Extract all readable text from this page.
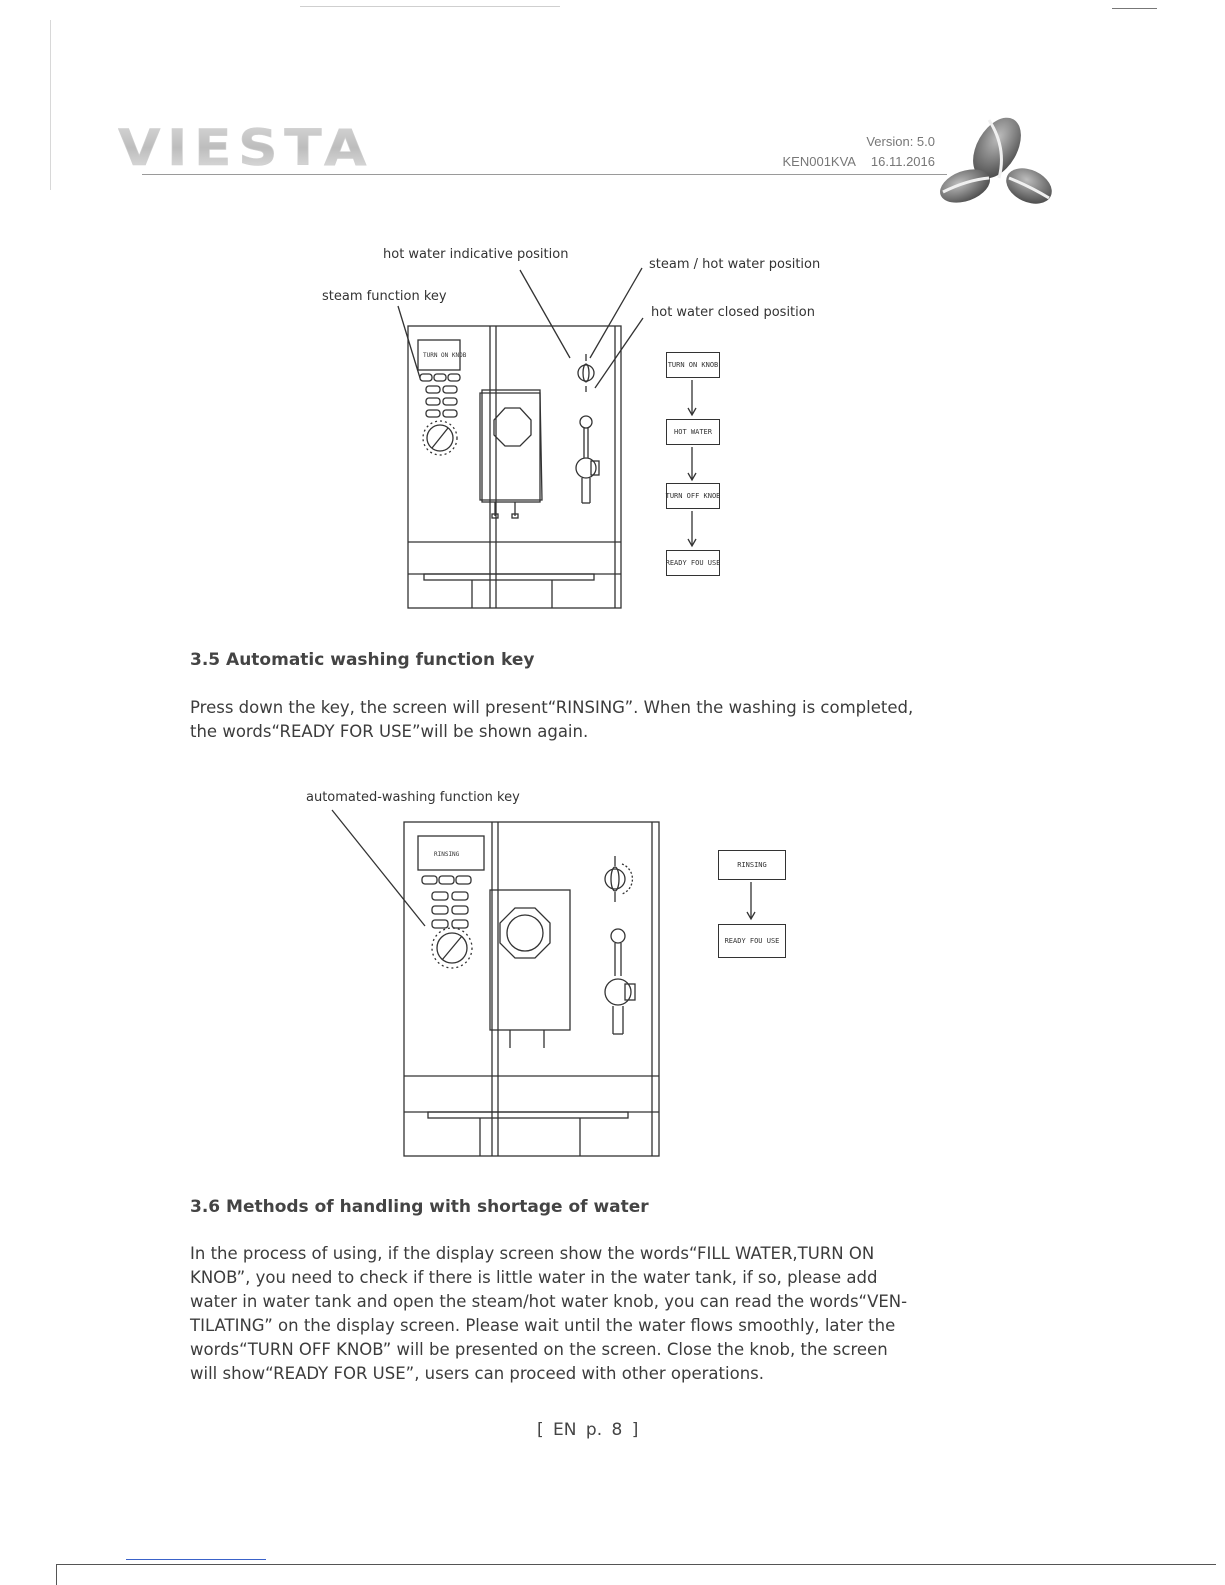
VIESTA	Version: 5.0
KEN001KVA 16.11.2016
hot water indicative position
steam / hot water position
steam function key
hot water closed position
TURN ON KNOB
TURN ON KNOB
HOT WATER
TURN OFF KNOB
READY FOU USE
3.5 Automatic washing function key

Press down the key, the screen will present“RINSING”. When the washing is completed,

the words“READY FOR USE”will be shown again.

automated-washing function key
RINSING
RINSING
READY FOU USE
3.6 Methods of handling with shortage of water

In the process of using, if the display screen show the words“FILL WATER,TURN ON

KNOB”, you need to check if there is little water in the water tank, if so, please add

water in water tank and open the steam/hot water knob, you can read the words“VEN-

TILATING” on the display screen. Please wait until the water flows smoothly, later the

words“TURN OFF KNOB” will be presented on the screen. Close the knob, the screen

will show“READY FOR USE”, users can proceed with other operations.

[ EN p. 8 ]
